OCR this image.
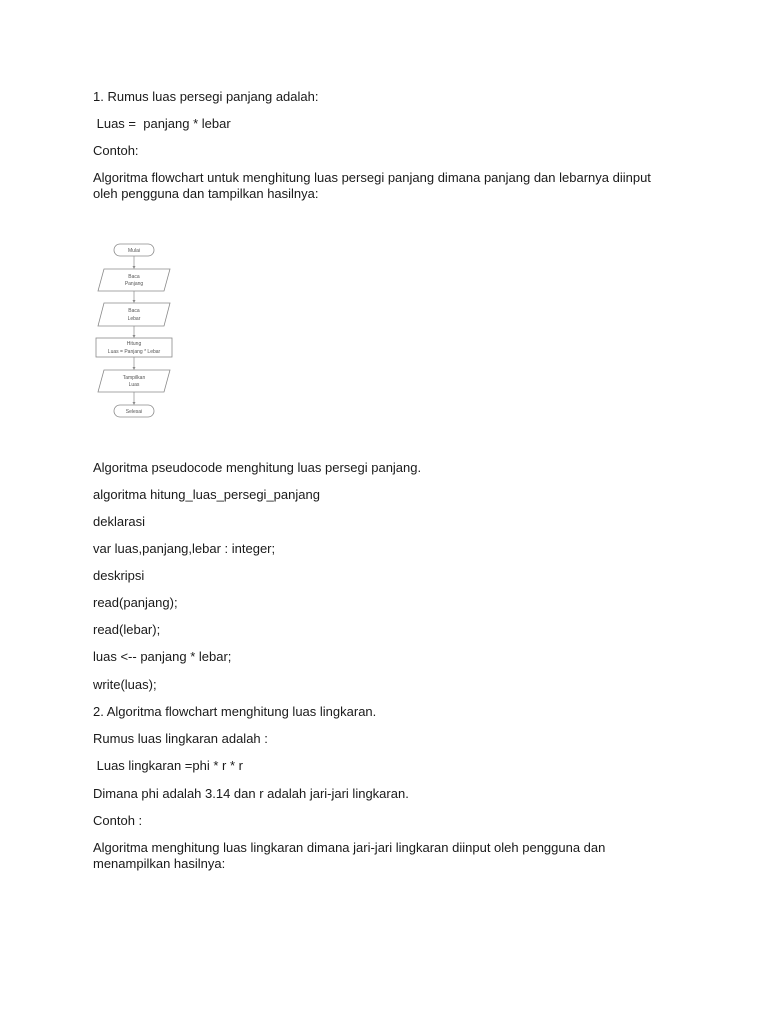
1. Rumus luas persegi panjang adalah:
Luas =  panjang * lebar
Contoh:
Algoritma flowchart untuk menghitung luas persegi panjang dimana panjang dan lebarnya diinput oleh pengguna dan tampilkan hasilnya:
Mulai
Baca
Panjang
Baca
Lebar
Hitung
Luas = Panjang * Lebar
Tampilkan
Luas
Selesai
Algoritma pseudocode menghitung luas persegi panjang.
algoritma hitung_luas_persegi_panjang
deklarasi
var luas,panjang,lebar : integer;
deskripsi
read(panjang);
read(lebar);
luas <-- panjang * lebar;
write(luas);
2. Algoritma flowchart menghitung luas lingkaran.
Rumus luas lingkaran adalah :
Luas lingkaran =phi * r * r
Dimana phi adalah 3.14 dan r adalah jari-jari lingkaran.
Contoh :
Algoritma menghitung luas lingkaran dimana jari-jari lingkaran diinput oleh pengguna dan menampilkan hasilnya:
